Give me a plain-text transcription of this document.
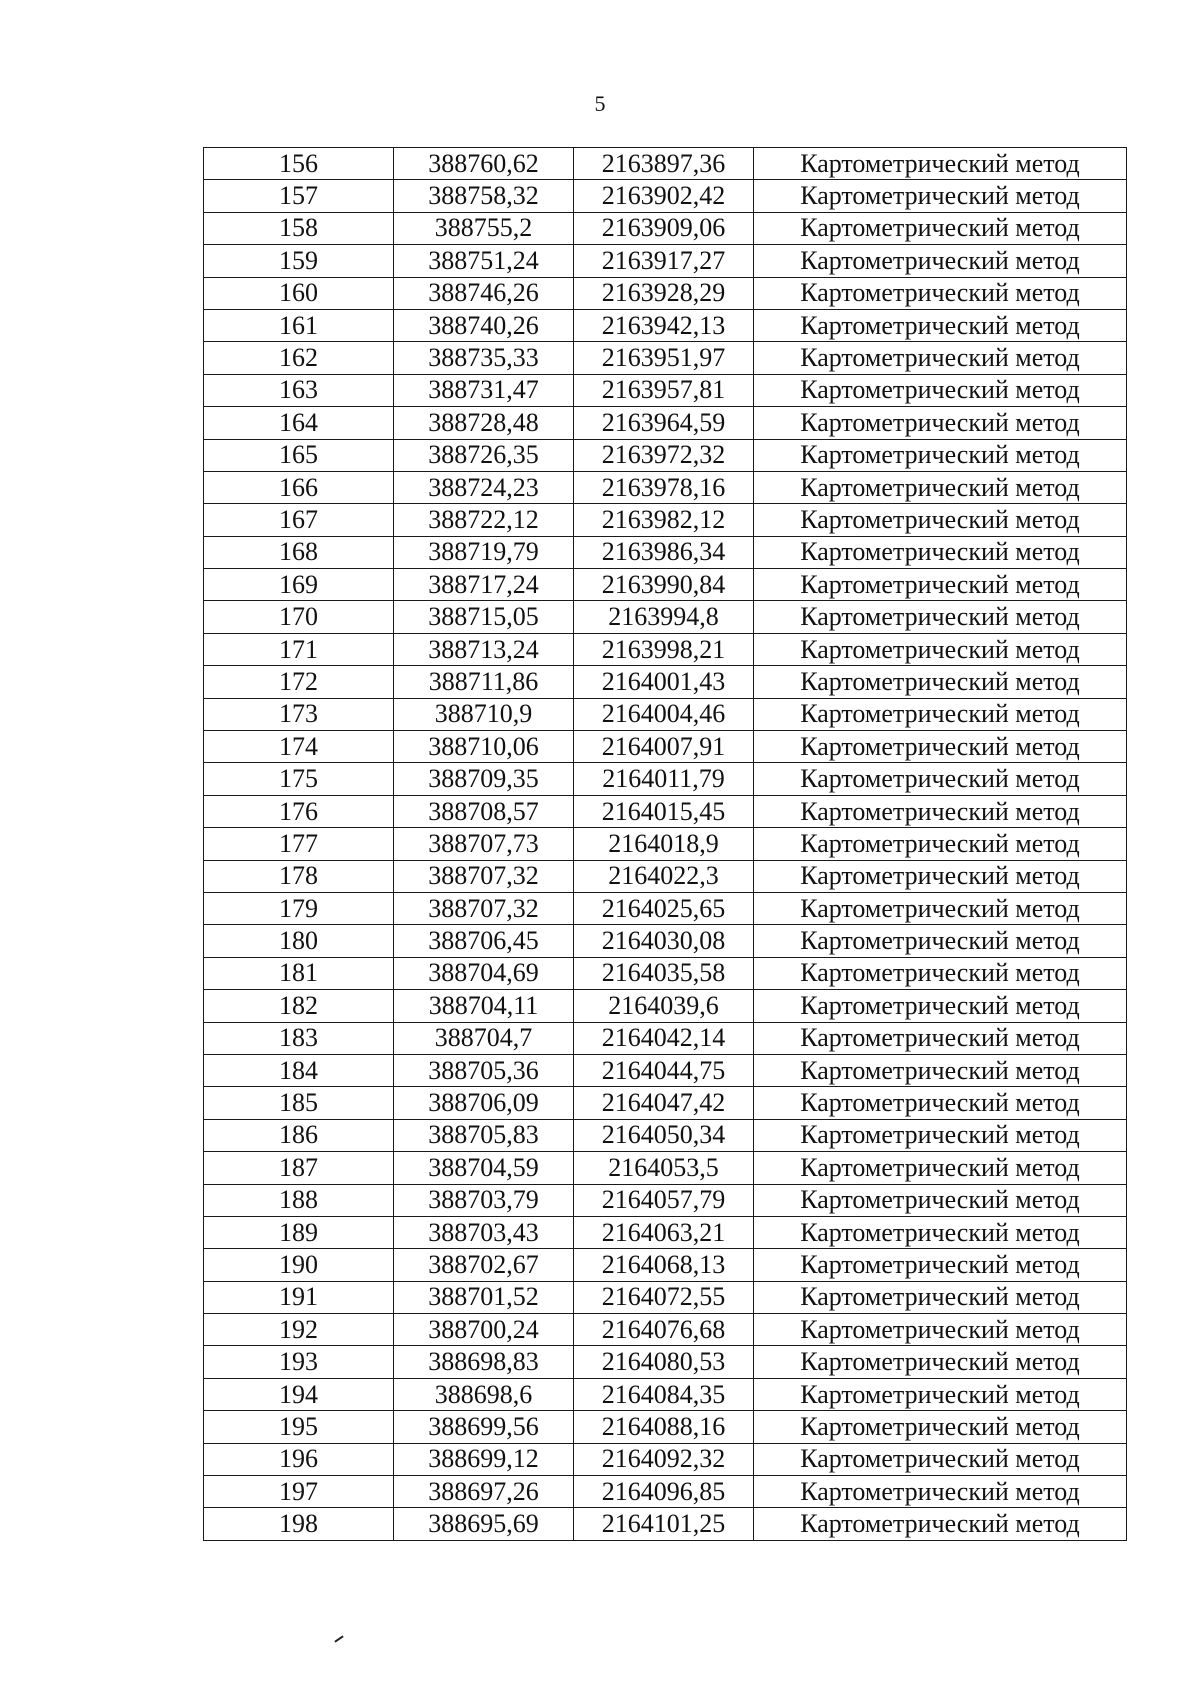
5
156	388760,62	2163897,36	Картометрический метод
157	388758,32	2163902,42	Картометрический метод
158	388755,2	2163909,06	Картометрический метод
159	388751,24	2163917,27	Картометрический метод
160	388746,26	2163928,29	Картометрический метод
161	388740,26	2163942,13	Картометрический метод
162	388735,33	2163951,97	Картометрический метод
163	388731,47	2163957,81	Картометрический метод
164	388728,48	2163964,59	Картометрический метод
165	388726,35	2163972,32	Картометрический метод
166	388724,23	2163978,16	Картометрический метод
167	388722,12	2163982,12	Картометрический метод
168	388719,79	2163986,34	Картометрический метод
169	388717,24	2163990,84	Картометрический метод
170	388715,05	2163994,8	Картометрический метод
171	388713,24	2163998,21	Картометрический метод
172	388711,86	2164001,43	Картометрический метод
173	388710,9	2164004,46	Картометрический метод
174	388710,06	2164007,91	Картометрический метод
175	388709,35	2164011,79	Картометрический метод
176	388708,57	2164015,45	Картометрический метод
177	388707,73	2164018,9	Картометрический метод
178	388707,32	2164022,3	Картометрический метод
179	388707,32	2164025,65	Картометрический метод
180	388706,45	2164030,08	Картометрический метод
181	388704,69	2164035,58	Картометрический метод
182	388704,11	2164039,6	Картометрический метод
183	388704,7	2164042,14	Картометрический метод
184	388705,36	2164044,75	Картометрический метод
185	388706,09	2164047,42	Картометрический метод
186	388705,83	2164050,34	Картометрический метод
187	388704,59	2164053,5	Картометрический метод
188	388703,79	2164057,79	Картометрический метод
189	388703,43	2164063,21	Картометрический метод
190	388702,67	2164068,13	Картометрический метод
191	388701,52	2164072,55	Картометрический метод
192	388700,24	2164076,68	Картометрический метод
193	388698,83	2164080,53	Картометрический метод
194	388698,6	2164084,35	Картометрический метод
195	388699,56	2164088,16	Картометрический метод
196	388699,12	2164092,32	Картометрический метод
197	388697,26	2164096,85	Картометрический метод
198	388695,69	2164101,25	Картометрический метод
